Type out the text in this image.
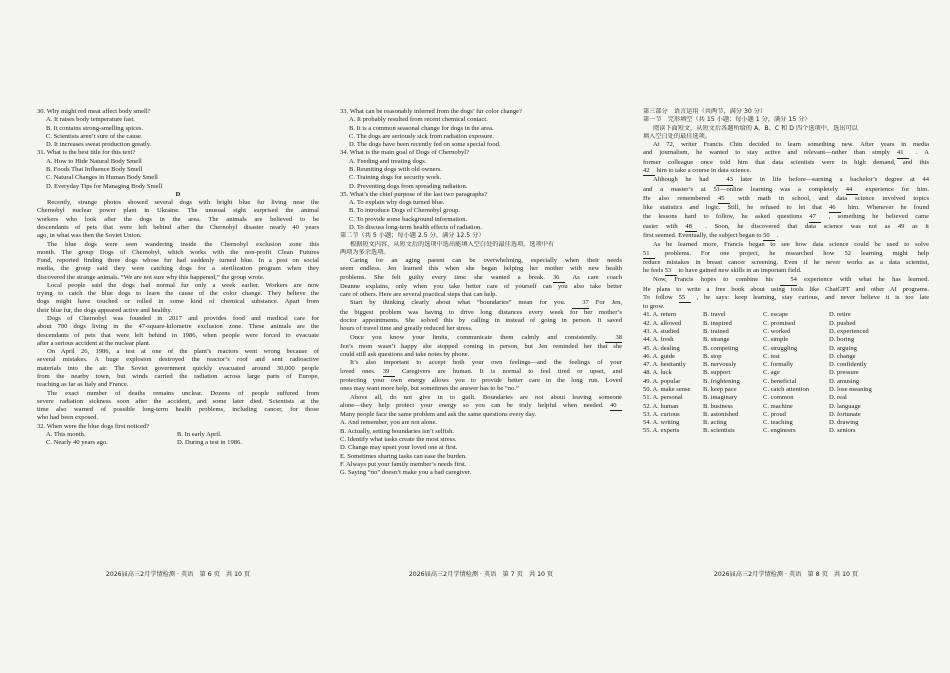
30. Why might red meat affect body smell?
A. It raises body temperature fast.
B. It contains strong-smelling spices.
C. Scientists aren’t sure of the cause.
D. It increases sweat production greatly.
31. What is the best title for this text?
A. How to Hide Natural Body Smell
B. Foods That Influence Body Smell
C. Natural Changes in Human Body Smell
D. Everyday Tips for Managing Body Smell
D
Recently, strange photos showed several dogs with bright blue fur living near the
Chernobyl nuclear power plant in Ukraine. The unusual sight surprised the animal
workers who look after the dogs in the area. The animals are believed to be
descendants of pets that were left behind after the Chernobyl disaster nearly 40 years
ago, in what was then the Soviet Union.
The blue dogs were seen wandering inside the Chernobyl exclusion zone this
month. The group Dogs of Chernobyl, which works with the non-profit Clean Futures
Fund, reported finding three dogs whose fur had suddenly turned blue. In a post on social
media, the group said they were catching dogs for a sterilization program when they
discovered the strange animals. “We are not sure why this happened,” the group wrote.
Local people said the dogs had normal fur only a week earlier. Workers are now
trying to catch the blue dogs to learn the cause of the color change. They believe the
dogs might have touched or rolled in some kind of chemical substance. Apart from
their blue fur, the dogs appeared active and healthy.
Dogs of Chernobyl was founded in 2017 and provides food and medical care for
about 700 dogs living in the 47-square-kilometre exclusion zone. These animals are the
descendants of pets that were left behind in 1986, when people were forced to evacuate
after a serious accident at the nuclear plant.
On April 26, 1986, a test at one of the plant’s reactors went wrong because of
several mistakes. A huge explosion destroyed the reactor’s roof and sent radioactive
materials into the air. The Soviet government quickly evacuated around 30,000 people
from the nearby town, but winds carried the radiation across large parts of Europe,
reaching as far as Italy and France.
The exact number of deaths remains unclear. Dozens of people suffered from
severe radiation sickness soon after the accident, and some later died. Scientists at the
time also warned of possible long-term health problems, including cancer, for those
who had been exposed.
32. When were the blue dogs first noticed?
A. This month.	B. In early April.
C. Nearly 40 years ago.	D. During a test in 1986.
2026届高三2月学情检测 · 英语　第 6 页　共 10 页
33. What can be reasonably inferred from the dogs’ fur color change?
A. It probably resulted from recent chemical contact.
B. It is a common seasonal change for dogs in the area.
C. The dogs are seriously sick from radiation exposure.
D. The dogs have been recently fed on some special food.
34. What is the main goal of Dogs of Chernobyl?
A. Feeding and treating dogs.
B. Reuniting dogs with old owners.
C. Training dogs for security work.
D. Preventing dogs from spreading radiation.
35. What’s the chief purpose of the last two paragraphs?
A. To explain why dogs turned blue.
B. To introduce Dogs of Chernobyl group.
C. To provide some background information.
D. To discuss long-term health effects of radiation.
第二节（共 5 小题；每小题 2.5 分，满分 12.5 分）
根据短文内容，从短文后的选项中选出能填入空白处的最佳选项。选项中有
两项为多余选项。
Caring for an aging parent can be overwhelming, especially when their needs
seem endless. Jen learned this when she began helping her mother with new health
problems. She felt guilty every time she wanted a break. 36 As care coach
Deanne explains, only when you take better care of yourself can you also take better
care of others. Here are several practical steps that can help.
Start by thinking clearly about what “boundaries” mean for you. 37 For Jen,
the biggest problem was having to drive long distances every week for her mother’s
doctor appointments. She solved this by calling in instead of going in person. It saved
hours of travel time and greatly reduced her stress.
Once you know your limits, communicate them calmly and consistently. 38
Jen’s mom wasn’t happy she stopped coming in person, but Jen reminded her that she
could still ask questions and take notes by phone.
It’s also important to accept both your own feelings—and the feelings of your
loved ones. 39 Caregivers are human. It is normal to feel tired or upset, and
protecting your own energy allows you to provide better care in the long run. Loved
ones may want more help, but sometimes the answer has to be “no.”
Above all, do not give in to guilt. Boundaries are not about leaving someone
alone—they help protect your energy so you can be truly helpful when needed. 40
Many people face the same problem and ask the same questions every day.
A. And remember, you are not alone.
B. Actually, setting boundaries isn’t selfish.
C. Identify what tasks create the most stress.
D. Change may upset your loved one at first.
E. Sometimes sharing tasks can ease the burden.
F. Always put your family member’s needs first.
G. Saying “no” doesn’t make you a bad caregiver.
2026届高三2月学情检测 · 英语　第 7 页　共 10 页
第三部分　语言运用（共两节，满分 30 分）
第一节　完形填空（共 15 小题；每小题 1 分，满分 15 分）
阅读下面短文，从短文后各题所给的 A、B、C 和 D 四个选项中，选出可以
填入空白处的最佳选项。
At 72, writer Francis Chin decided to learn something new. After years in media
and journalism, he wanted to stay active and relevant—rather than simply 41 . A
former colleague once told him that data scientists were in high demand, and this
42 him to take a course in data science.
Although he had 43 later in life before—earning a bachelor’s degree at 44
and a master’s at 51—online learning was a completely 44 experience for him.
He also remembered 45 with math in school, and data science involved topics
like statistics and logic. Still, he refused to let that 46 him. Whenever he found
the lessons hard to follow, he asked questions 47 , something he believed came
easier with 48 . Soon, he discovered that data science was not as 49 as it
first seemed. Eventually, the subject began to 50 .
As he learned more, Francis began to see how data science could be used to solve
51 problems. For one project, he researched how 52 learning might help
reduce mistakes in breast cancer screening. Even if he never works as a data scientist,
he feels 53 to have gained new skills in an important field.
Now, Francis hopes to combine his 54 experience with what he has learned.
He plans to write a free book about using tools like ChatGPT and other AI programs.
To follow 55 , he says: keep learning, stay curious, and never believe it is too late
to grow.
41. A. return	B. travel	C. escape	D. retire
42. A. allowed	B. inspired	C. promised	D. pushed
43. A. studied	B. trained	C. worked	D. experienced
44. A. fresh	B. strange	C. simple	D. boring
45. A. dealing	B. competing	C. struggling	D. arguing
46. A. guide	B. stop	C. test	D. change
47. A. hesitantly	B. nervously	C. formally	D. confidently
48. A. luck	B. support	C. age	D. pressure
49. A. popular	B. frightening	C. beneficial	D. amusing
50. A. make sense	B. keep pace	C. catch attention	D. lose meaning
51. A. personal	B. imaginary	C. common	D. real
52. A. human	B. business	C. machine	D. language
53. A. curious	B. astonished	C. proud	D. fortunate
54. A. writing	B. acting	C. teaching	D. drawing
55. A. experts	B. scientists	C. engineers	D. seniors
2026届高三2月学情检测 · 英语　第 8 页　共 10 页
